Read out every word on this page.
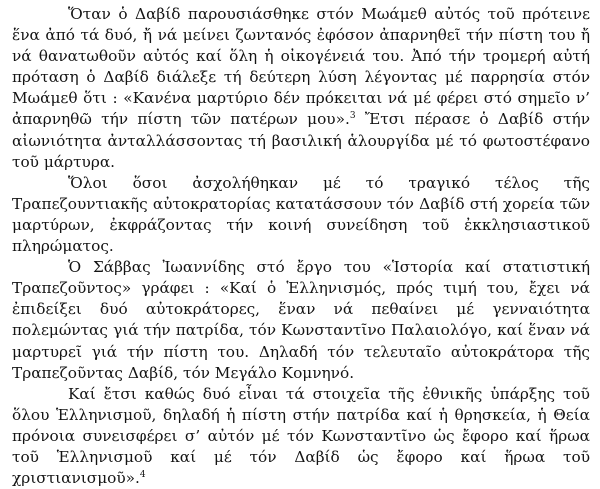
Ὅταν ὁ Δαβίδ παρουσιάσθηκε στόν Μωάμεθ αὐτός τοῦ πρότεινε ἕνα ἀπό τά δυό, ἤ νά μείνει ζωντανός ἐφόσον ἀπαρνηθεῖ τήν πίστη του ἤ νά θανατωθοῦν αὐτός καί ὅλη ἡ οἰκογένειά του. Ἀπό τήν τρομερή αὐτή πρόταση ὁ Δαβίδ διάλεξε τή δεύτερη λύση λέγοντας μέ παρρησία στόν Μωάμεθ ὅτι : «Κανένα μαρτύριο δέν πρόκειται νά μέ φέρει στό σημεῖο ν’ ἀπαρνηθῶ τήν πίστη τῶν πατέρων μου».$^3$ Ἔτσι πέρασε ὁ Δαβίδ στήν αἰωνιότητα ἀνταλλάσσοντας τή βασιλική ἁλουργίδα μέ τό φωτοστέφανο τοῦ μάρτυρα.

Ὅλοι ὅσοι ἀσχολήθηκαν μέ τό τραγικό τέλος τῆς Τραπεζουντιακῆς αὐτοκρατορίας κατατάσσουν τόν Δαβίδ στή χορεία τῶν μαρτύρων, ἐκφράζοντας τήν κοινή συνείδηση τοῦ ἐκκλησιαστικοῦ πληρώματος.

Ὁ Σάββας Ἰωαννίδης στό ἔργο του «Ἱστορία καί στατιστική Τραπεζοῦντος» γράφει : «Καί ὁ Ἑλληνισμός, πρός τιμή του, ἔχει νά ἐπιδείξει δυό αὐτοκράτορες, ἕναν νά πεθαίνει μέ γενναιότητα πολεμώντας γιά τήν πατρίδα, τόν Κωνσταντῖνο Παλαιολόγο, καί ἕναν νά μαρτυρεῖ γιά τήν πίστη του. Δηλαδή τόν τελευταῖο αὐτοκράτορα τῆς Τραπεζοῦντας Δαβίδ, τόν Μεγάλο Κομνηνό.

Καί ἔτσι καθώς δυό εἶναι τά στοιχεῖα τῆς ἐθνικῆς ὑπάρξης τοῦ ὅλου Ἑλληνισμοῦ, δηλαδή ἡ πίστη στήν πατρίδα καί ἡ θρησκεία, ἡ Θεία πρόνοια συνεισφέρει σ’ αὐτόν μέ τόν Κωνσταντῖνο ὡς ἔφορο καί ἥρωα τοῦ Ἑλληνισμοῦ καί μέ τόν Δαβίδ ὡς ἔφορο καί ἥρωα τοῦ χριστιανισμοῦ».$^4$
